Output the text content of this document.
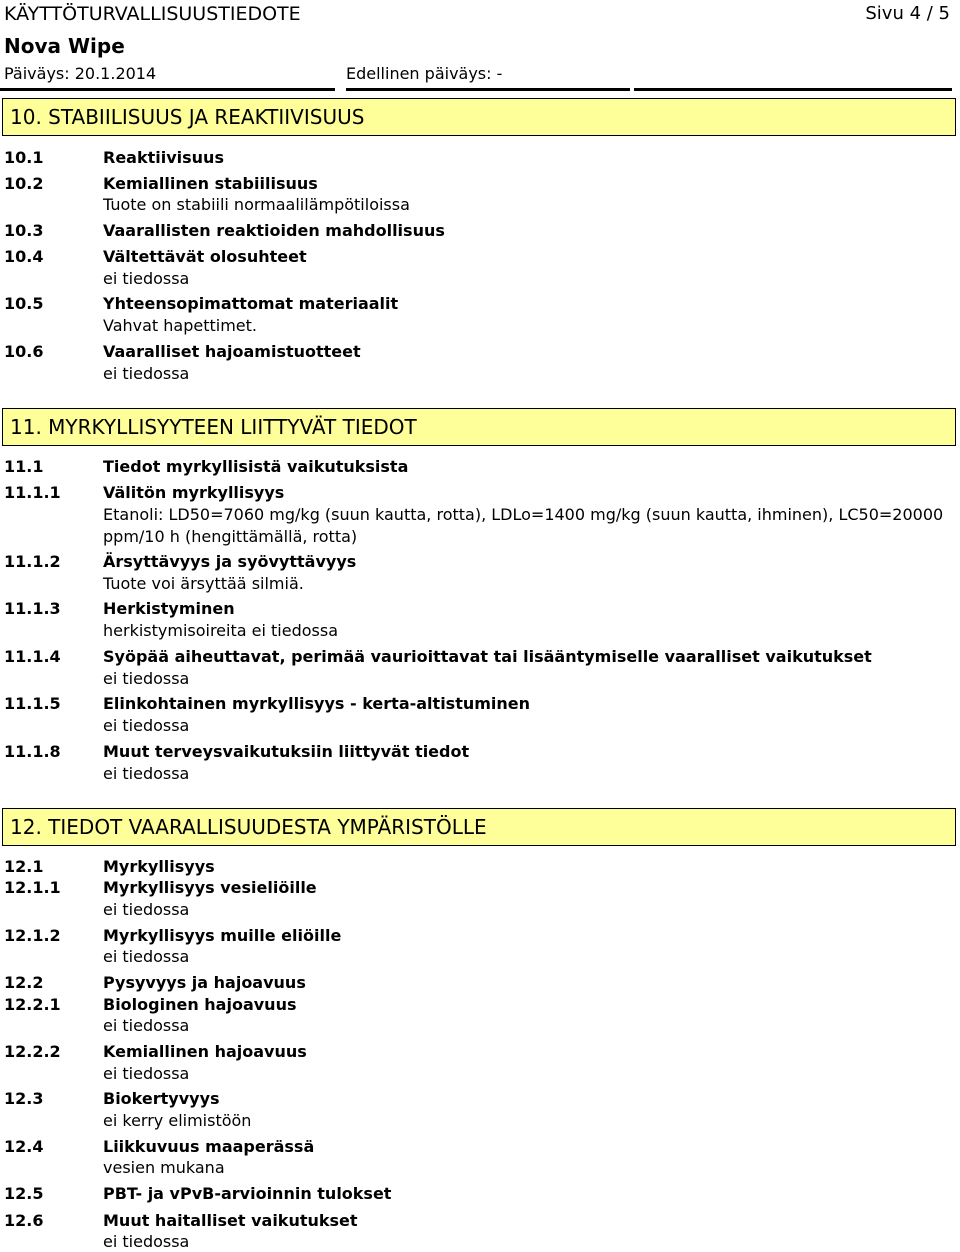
KÄYTTÖTURVALLISUUSTIEDOTE	Sivu 4 / 5
Nova Wipe
Päiväys: 20.1.2014	Edellinen päiväys: -
10. STABIILISUUS JA REAKTIIVISUUS
10.1	Reaktiivisuus
10.2	Kemiallinen stabiilisuus
Tuote on stabiili normaalilämpötiloissa
10.3	Vaarallisten reaktioiden mahdollisuus
10.4	Vältettävät olosuhteet
ei tiedossa
10.5	Yhteensopimattomat materiaalit
Vahvat hapettimet.
10.6	Vaaralliset hajoamistuotteet
ei tiedossa
11. MYRKYLLISYYTEEN LIITTYVÄT TIEDOT
11.1	Tiedot myrkyllisistä vaikutuksista
11.1.1	Välitön myrkyllisyys
Etanoli: LD50=7060 mg/kg (suun kautta, rotta), LDLo=1400 mg/kg (suun kautta, ihminen), LC50=20000 ppm/10 h (hengittämällä, rotta)
11.1.2	Ärsyttävyys ja syövyttävyys
Tuote voi ärsyttää silmiä.
11.1.3	Herkistyminen
herkistymisoireita ei tiedossa
11.1.4	Syöpää aiheuttavat, perimää vaurioittavat tai lisääntymiselle vaaralliset vaikutukset
ei tiedossa
11.1.5	Elinkohtainen myrkyllisyys - kerta-altistuminen
ei tiedossa
11.1.8	Muut terveysvaikutuksiin liittyvät tiedot
ei tiedossa
12. TIEDOT VAARALLISUUDESTA YMPÄRISTÖLLE
12.1	Myrkyllisyys
12.1.1	Myrkyllisyys vesieliöille
ei tiedossa
12.1.2	Myrkyllisyys muille eliöille
ei tiedossa
12.2	Pysyvyys ja hajoavuus
12.2.1	Biologinen hajoavuus
ei tiedossa
12.2.2	Kemiallinen hajoavuus
ei tiedossa
12.3	Biokertyvyys
ei kerry elimistöön
12.4	Liikkuvuus maaperässä
vesien mukana
12.5	PBT- ja vPvB-arvioinnin tulokset
12.6	Muut haitalliset vaikutukset
ei tiedossa
